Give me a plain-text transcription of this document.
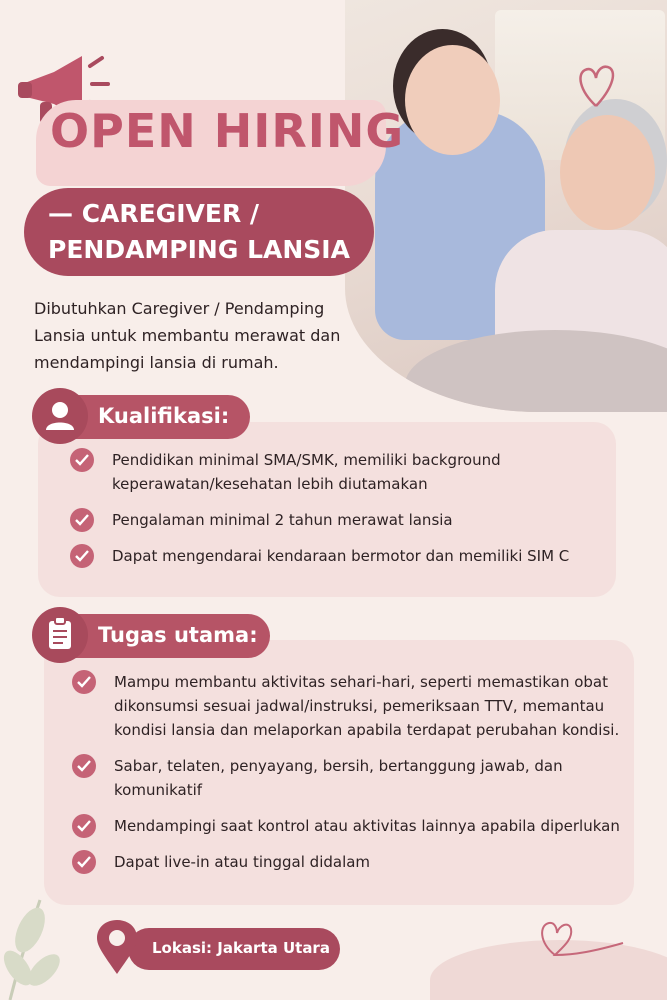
OPEN HIRING
— CAREGIVER / PENDAMPING LANSIA

Dibutuhkan Caregiver / Pendamping Lansia untuk membantu merawat dan mendampingi lansia di rumah.

Kualifikasi:
Pendidikan minimal SMA/SMK, memiliki background keperawatan/kesehatan lebih diutamakan
Pengalaman minimal 2 tahun merawat lansia
Dapat mengendarai kendaraan bermotor dan memiliki SIM C
Tugas utama:
Mampu membantu aktivitas sehari-hari, seperti memastikan obat dikonsumsi sesuai jadwal/instruksi, pemeriksaan TTV, memantau kondisi lansia dan melaporkan apabila terdapat perubahan kondisi.
Sabar, telaten, penyayang, bersih, bertanggung jawab, dan komunikatif
Mendampingi saat kontrol atau aktivitas lainnya apabila diperlukan
Dapat live-in atau tinggal didalam
Lokasi: Jakarta Utara
